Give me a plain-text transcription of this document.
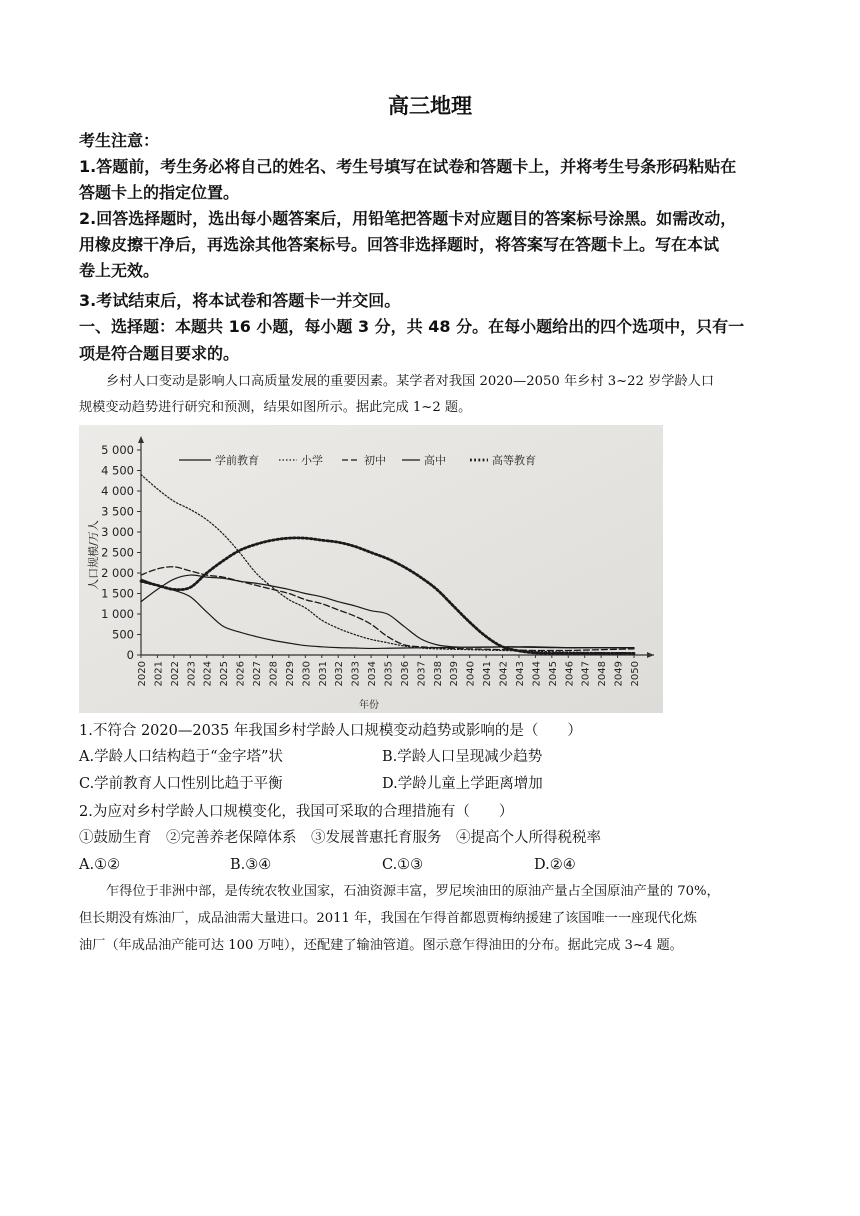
高三地理
考生注意：
1.答题前，考生务必将自己的姓名、考生号填写在试卷和答题卡上，并将考生号条形码粘贴在
答题卡上的指定位置。
2.回答选择题时，选出每小题答案后，用铅笔把答题卡对应题目的答案标号涂黑。如需改动，
用橡皮擦干净后，再选涂其他答案标号。回答非选择题时，将答案写在答题卡上。写在本试
卷上无效。
3.考试结束后，将本试卷和答题卡一并交回。
一、选择题：本题共 16 小题，每小题 3 分，共 48 分。在每小题给出的四个选项中，只有一
项是符合题目要求的。
乡村人口变动是影响人口高质量发展的重要因素。某学者对我国 2020—2050 年乡村 3~22 岁学龄人口
规模变动趋势进行研究和预测，结果如图所示。据此完成 1~2 题。
0
500
1 000
1 500
2 000
2 500
3 000
3 500
4 000
4 500
5 000
2020 2021 2022 2023 2024 2025 2026 2027 2028 2029 2030 2031 2032 2033 2034 2035 2036 2037 2038 2039 2040 2041 2042 2043 2044 2045 2046 2047 2048 2049 2050
学前教育	小学	初中	高中	高等教育
人口规模/万人
年份
1.不符合 2020—2035 年我国乡村学龄人口规模变动趋势或影响的是（　　）
A.学龄人口结构趋于“金字塔”状	B.学龄人口呈现减少趋势
C.学前教育人口性别比趋于平衡	D.学龄儿童上学距离增加
2.为应对乡村学龄人口规模变化，我国可采取的合理措施有（　　）
①鼓励生育　②完善养老保障体系　③发展普惠托育服务　④提高个人所得税税率
A.①②	B.③④	C.①③	D.②④
乍得位于非洲中部，是传统农牧业国家，石油资源丰富，罗尼埃油田的原油产量占全国原油产量的 70%，
但长期没有炼油厂，成品油需大量进口。2011 年，我国在乍得首都恩贾梅纳援建了该国唯一一座现代化炼
油厂（年成品油产能可达 100 万吨），还配建了输油管道。图示意乍得油田的分布。据此完成 3~4 题。
